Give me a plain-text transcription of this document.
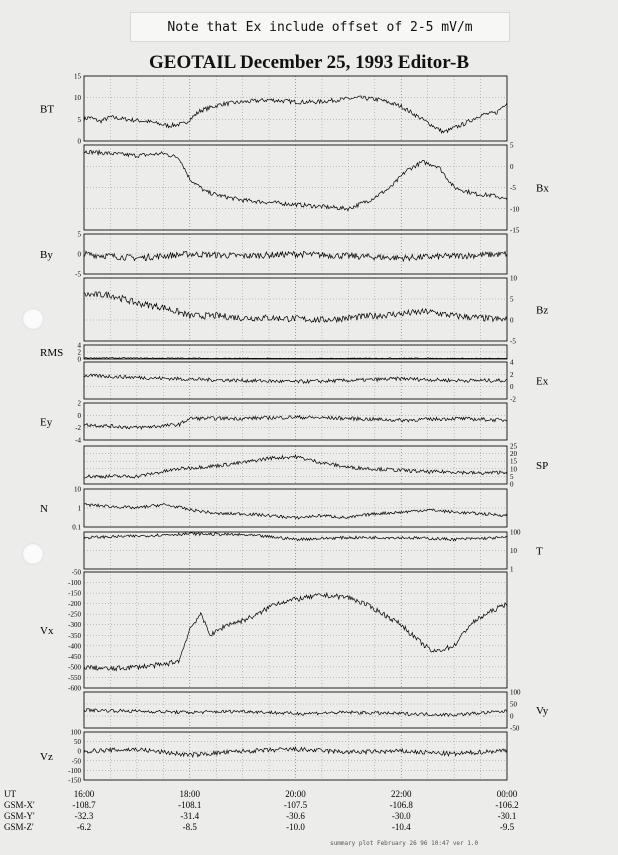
Note that Ex include offset of 2-5 mV/m
GEOTAIL December 25, 1993 Editor-B
0
5
10
15
BT
-15
-10
-5
0
5
Bx
-5
0
5
By
-5
0
5
10
Bz
0
2
4
RMS
-2
0
2
4
Ex
-4
-2
0
2
Ey
0
5
10
15
20
25
SP
0.1
1
10
N
1
10
100
T
-600
-550
-500
-450
-400
-350
-300
-250
-200
-150
-100
-50
Vx
-50
0
50
100
Vy
-150
-100
-50
0
50
100
Vz
UT	16:00	18:00	20:00	22:00	00:00
GSM-X'	-108.7	-108.1	-107.5	-106.8	-106.2
GSM-Y'	-32.3	-31.4	-30.6	-30.0	-30.1
GSM-Z'	-6.2	-8.5	-10.0	-10.4	-9.5
summary plot February 26 96 10:47 ver 1.0
